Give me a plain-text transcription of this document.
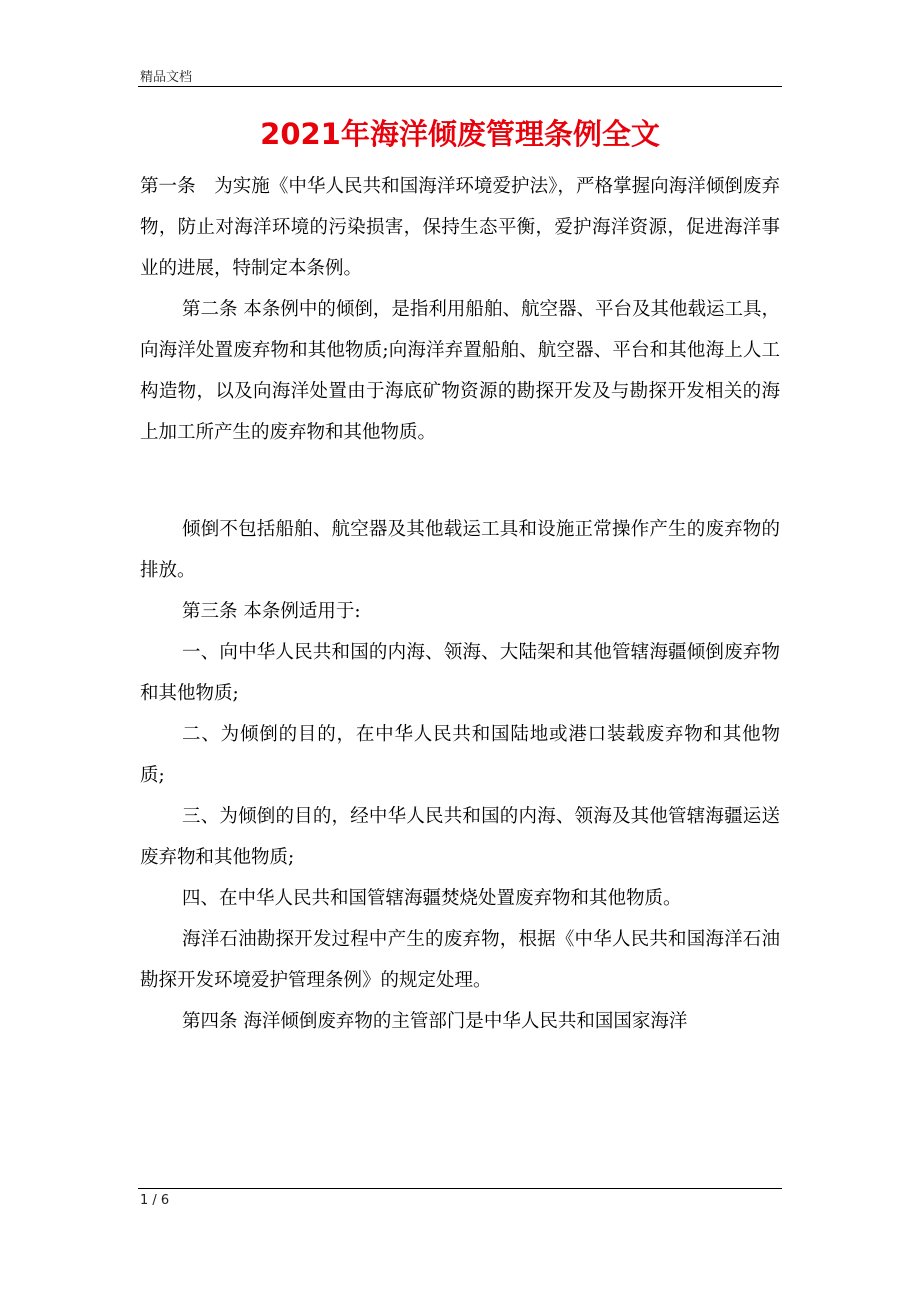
精品文档
2021年海洋倾废管理条例全文

第一条　为实施《中华人民共和国海洋环境爱护法》，严格掌握向海洋倾倒废弃物，防止对海洋环境的污染损害，保持生态平衡，爱护海洋资源，促进海洋事业的进展，特制定本条例。

第二条 本条例中的倾倒，是指利用船舶、航空器、平台及其他载运工具，向海洋处置废弃物和其他物质;向海洋弃置船舶、航空器、平台和其他海上人工构造物，以及向海洋处置由于海底矿物资源的勘探开发及与勘探开发相关的海上加工所产生的废弃物和其他物质。

倾倒不包括船舶、航空器及其他载运工具和设施正常操作产生的废弃物的排放。

第三条 本条例适用于:

一、向中华人民共和国的内海、领海、大陆架和其他管辖海疆倾倒废弃物和其他物质;

二、为倾倒的目的，在中华人民共和国陆地或港口装载废弃物和其他物质;

三、为倾倒的目的，经中华人民共和国的内海、领海及其他管辖海疆运送废弃物和其他物质;

四、在中华人民共和国管辖海疆焚烧处置废弃物和其他物质。

海洋石油勘探开发过程中产生的废弃物，根据《中华人民共和国海洋石油勘探开发环境爱护管理条例》的规定处理。

第四条 海洋倾倒废弃物的主管部门是中华人民共和国国家海洋

1 / 6
